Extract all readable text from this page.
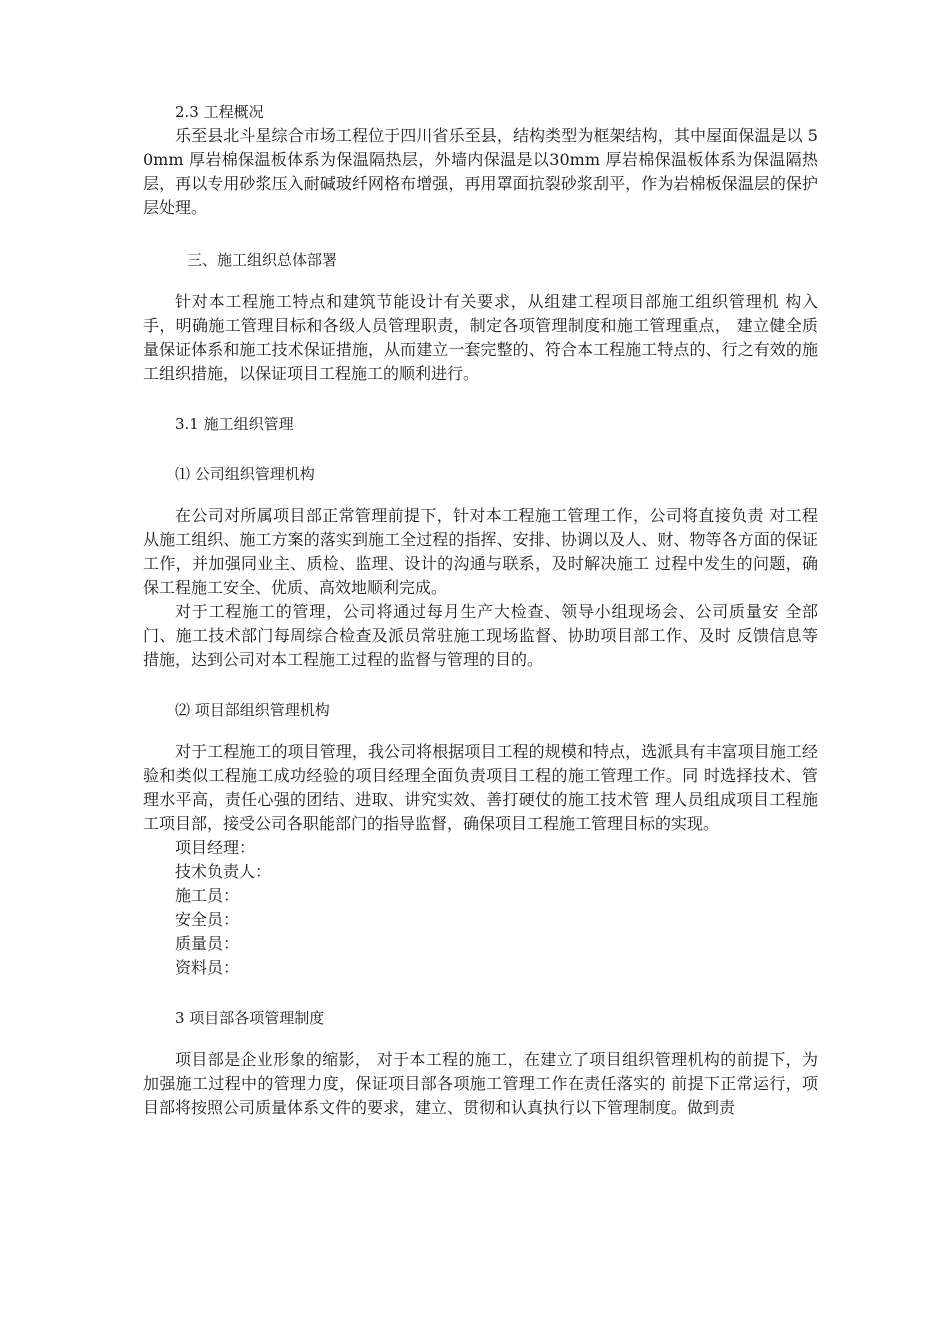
2.3 工程概况

乐至县北斗星综合市场工程位于四川省乐至县，结构类型为框架结构，其中屋面保温是以 50mm 厚岩棉保温板体系为保温隔热层，外墙内保温是以30mm 厚岩棉保温板体系为保温隔热层，再以专用砂浆压入耐碱玻纤网格布增强，再用罩面抗裂砂浆刮平，作为岩棉板保温层的保护层处理。

三、施工组织总体部署

针对本工程施工特点和建筑节能设计有关要求，从组建工程项目部施工组织管理机 构入手，明确施工管理目标和各级人员管理职责，制定各项管理制度和施工管理重点， 建立健全质量保证体系和施工技术保证措施，从而建立一套完整的、符合本工程施工特点的、行之有效的施工组织措施，以保证项目工程施工的顺利进行。

3.1 施工组织管理

⑴ 公司组织管理机构

在公司对所属项目部正常管理前提下，针对本工程施工管理工作，公司将直接负责 对工程从施工组织、施工方案的落实到施工全过程的指挥、安排、协调以及人、财、物等各方面的保证工作，并加强同业主、质检、监理、设计的沟通与联系，及时解决施工 过程中发生的问题，确保工程施工安全、优质、高效地顺利完成。

对于工程施工的管理，公司将通过每月生产大检查、领导小组现场会、公司质量安 全部门、施工技术部门每周综合检查及派员常驻施工现场监督、协助项目部工作、及时 反馈信息等措施，达到公司对本工程施工过程的监督与管理的目的。

⑵ 项目部组织管理机构

对于工程施工的项目管理，我公司将根据项目工程的规模和特点，选派具有丰富项目施工经验和类似工程施工成功经验的项目经理全面负责项目工程的施工管理工作。同 时选择技术、管理水平高，责任心强的团结、进取、讲究实效、善打硬仗的施工技术管 理人员组成项目工程施工项目部，接受公司各职能部门的指导监督，确保项目工程施工管理目标的实现。

项目经理：

技术负责人：

施工员：

安全员：

质量员：

资料员：

3 项目部各项管理制度

项目部是企业形象的缩影， 对于本工程的施工，在建立了项目组织管理机构的前提下，为加强施工过程中的管理力度，保证项目部各项施工管理工作在责任落实的 前提下正常运行，项目部将按照公司质量体系文件的要求，建立、贯彻和认真执行以下管理制度。做到责
